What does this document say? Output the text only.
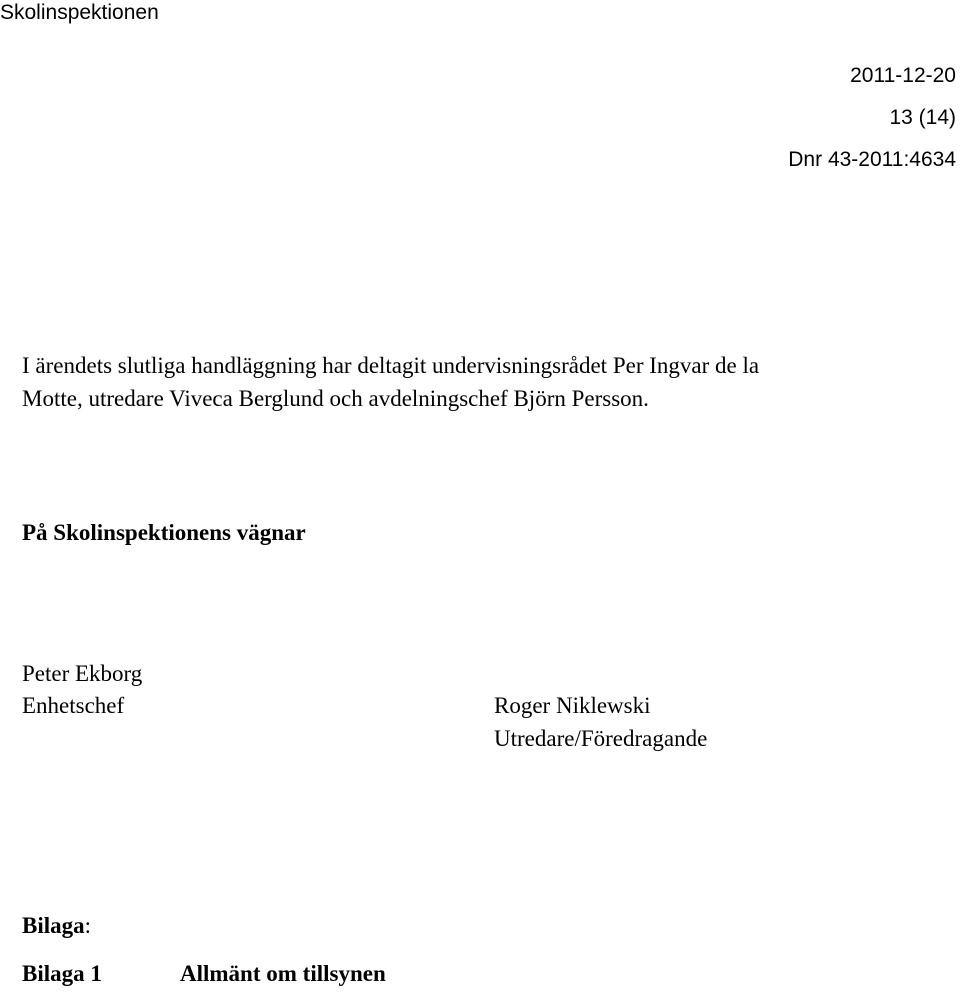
Skolinspektionen
2011-12-20
13 (14)
Dnr 43-2011:4634
I ärendets slutliga handläggning har deltagit undervisningsrådet Per Ingvar de la
Motte, utredare Viveca Berglund och avdelningschef Björn Persson.
På Skolinspektionens vägnar
Peter Ekborg
Enhetschef	Roger Niklewski
Utredare/Föredragande
Bilaga:
Bilaga 1	Allmänt om tillsynen
